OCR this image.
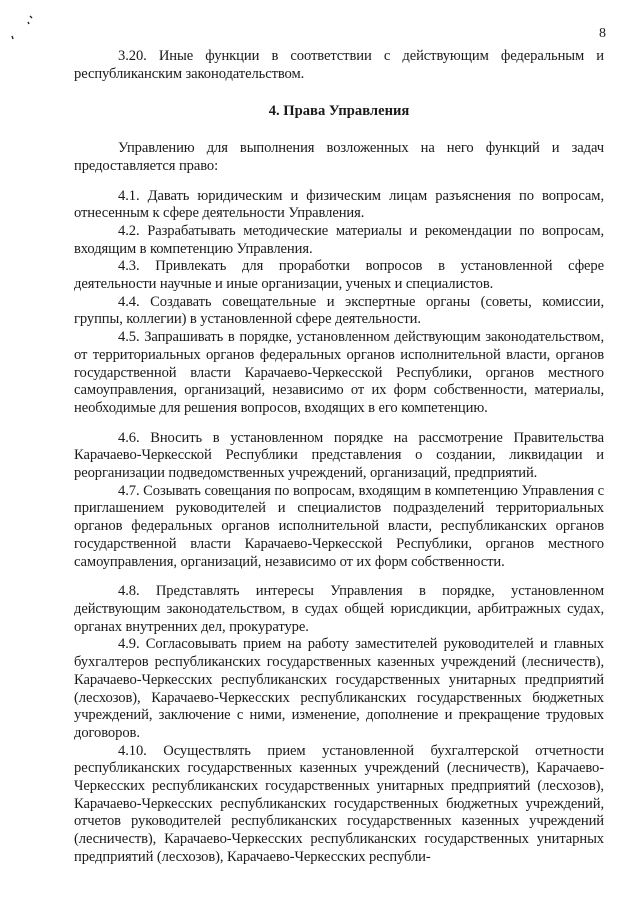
8

3.20. Иные функции в соответствии с действующим федеральным и республиканским законодательством.

4. Права Управления

Управлению для выполнения возложенных на него функций и задач предоставляется право:

4.1. Давать юридическим и физическим лицам разъяснения по вопросам, отнесенным к сфере деятельности Управления.

4.2. Разрабатывать методические материалы и рекомендации по вопросам, входящим в компетенцию Управления.

4.3. Привлекать для проработки вопросов в установленной сфере деятельности научные и иные организации, ученых и специалистов.

4.4. Создавать совещательные и экспертные органы (советы, комиссии, группы, коллегии) в установленной сфере деятельности.

4.5. Запрашивать в порядке, установленном действующим законодательством, от территориальных органов федеральных органов исполнительной власти, органов государственной власти Карачаево-Черкесской Республики, органов местного самоуправления, организаций, независимо от их форм собственности, материалы, необходимые для решения вопросов, входящих в его компетенцию.

4.6. Вносить в установленном порядке на рассмотрение Правительства Карачаево-Черкесской Республики представления о создании, ликвидации и реорганизации подведомственных учреждений, организаций, предприятий.

4.7. Созывать совещания по вопросам, входящим в компетенцию Управления с приглашением руководителей и специалистов подразделений территориальных органов федеральных органов исполнительной власти, республиканских органов государственной власти Карачаево-Черкесской Республики, органов местного самоуправления, организаций, независимо от их форм собственности.

4.8. Представлять интересы Управления в порядке, установленном действующим законодательством, в судах общей юрисдикции, арбитражных судах, органах внутренних дел, прокуратуре.

4.9. Согласовывать прием на работу заместителей руководителей и главных бухгалтеров республиканских государственных казенных учреждений (лесничеств), Карачаево-Черкесских республиканских государственных унитарных предприятий (лесхозов), Карачаево-Черкесских республиканских государственных бюджетных учреждений, заключение с ними, изменение, дополнение и прекращение трудовых договоров.

4.10. Осуществлять прием установленной бухгалтерской отчетности республиканских государственных казенных учреждений (лесничеств), Карачаево-Черкесских республиканских государственных унитарных предприятий (лесхозов), Карачаево-Черкесских республиканских государственных бюджетных учреждений, отчетов руководителей республиканских государственных казенных учреждений (лесничеств), Карачаево-Черкесских республиканских государственных унитарных предприятий (лесхозов), Карачаево-Черкесских республи-
